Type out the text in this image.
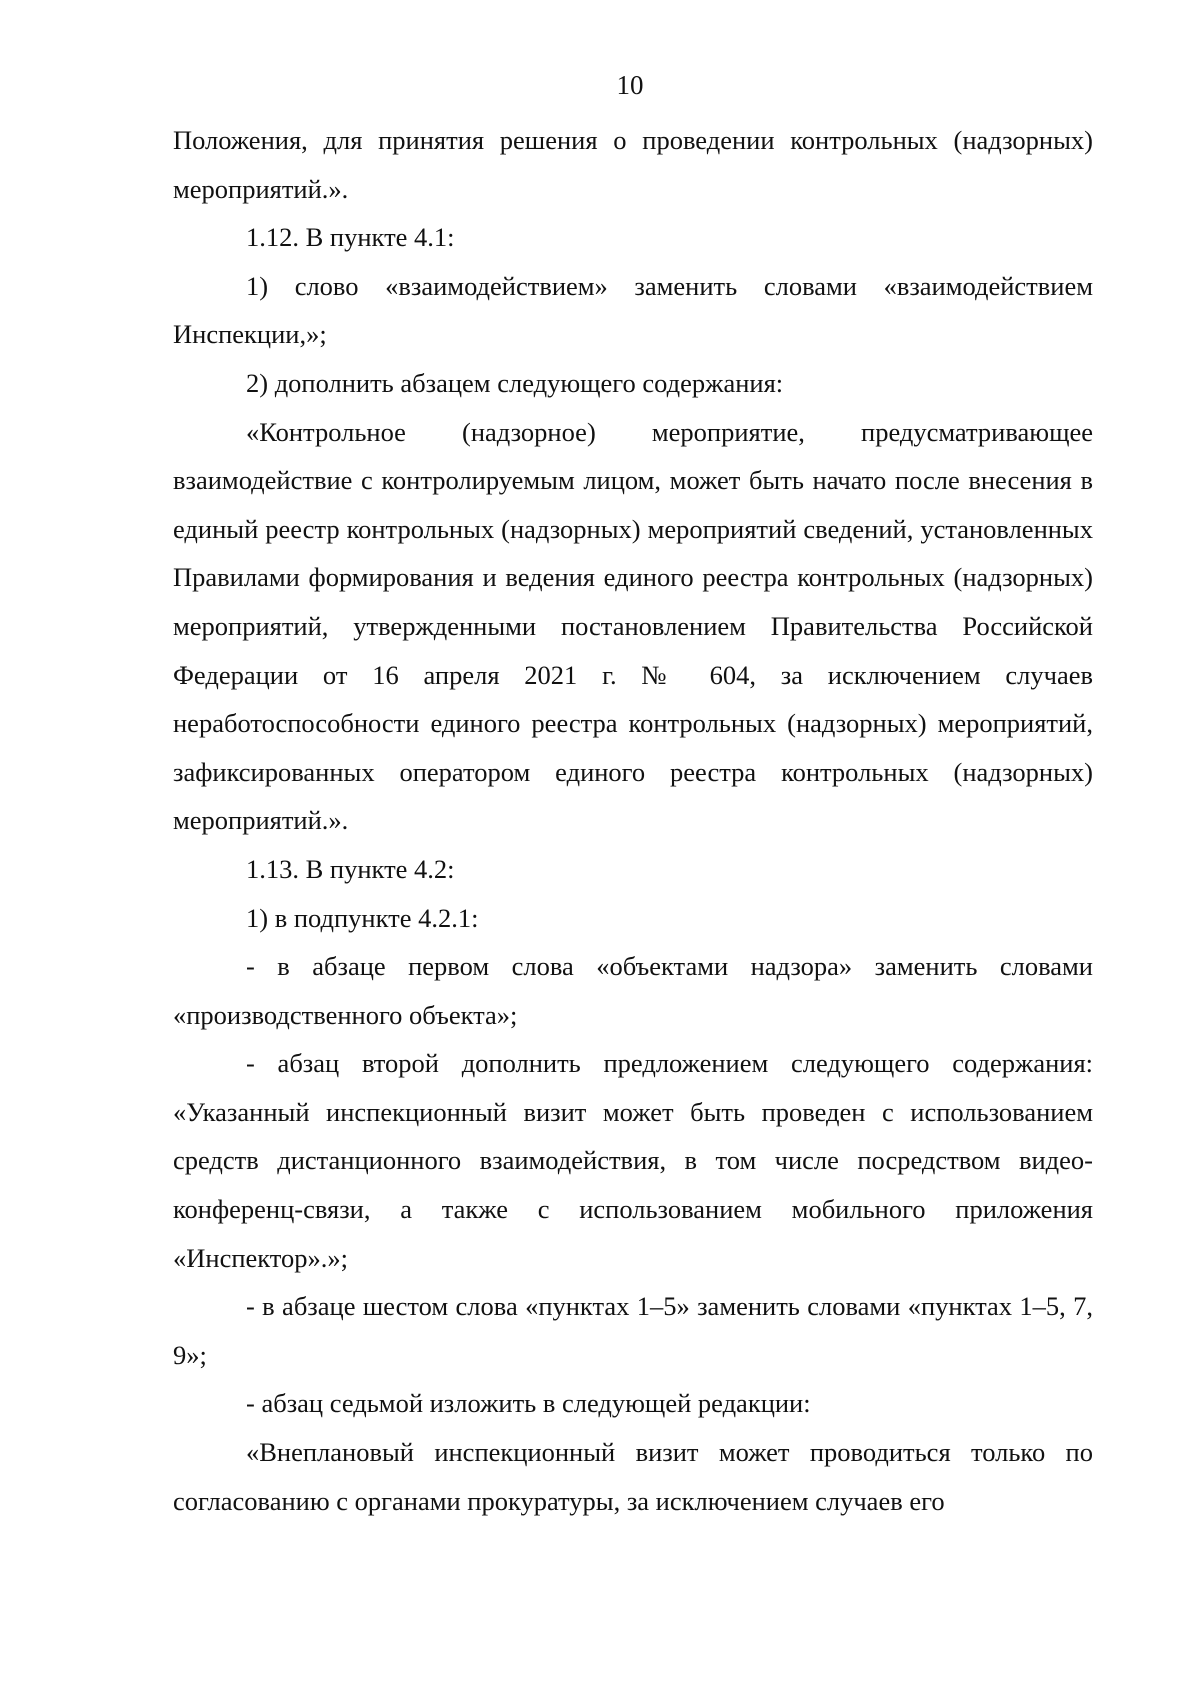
10

Положения, для принятия решения о проведении контрольных (надзорных) мероприятий.».

1.12. В пункте 4.1:

1) слово «взаимодействием» заменить словами «взаимодействием Инспекции,»;

2) дополнить абзацем следующего содержания:

«Контрольное (надзорное) мероприятие, предусматривающее взаимодействие с контролируемым лицом, может быть начато после внесения в единый реестр контрольных (надзорных) мероприятий сведений, установленных Правилами формирования и ведения единого реестра контрольных (надзорных) мероприятий, утвержденными постановлением Правительства Российской Федерации от 16 апреля 2021 г. № 604, за исключением случаев неработоспособности единого реестра контрольных (надзорных) мероприятий, зафиксированных оператором единого реестра контрольных (надзорных) мероприятий.».

1.13. В пункте 4.2:

1) в подпункте 4.2.1:

- в абзаце первом слова «объектами надзора» заменить словами «производственного объекта»;

- абзац второй дополнить предложением следующего содержания: «Указанный инспекционный визит может быть проведен с использованием средств дистанционного взаимодействия, в том числе посредством видео-конференц-связи, а также с использованием мобильного приложения «Инспектор».»;

- в абзаце шестом слова «пунктах 1–5» заменить словами «пунктах 1–5, 7, 9»;

- абзац седьмой изложить в следующей редакции:

«Внеплановый инспекционный визит может проводиться только по согласованию с органами прокуратуры, за исключением случаев его
